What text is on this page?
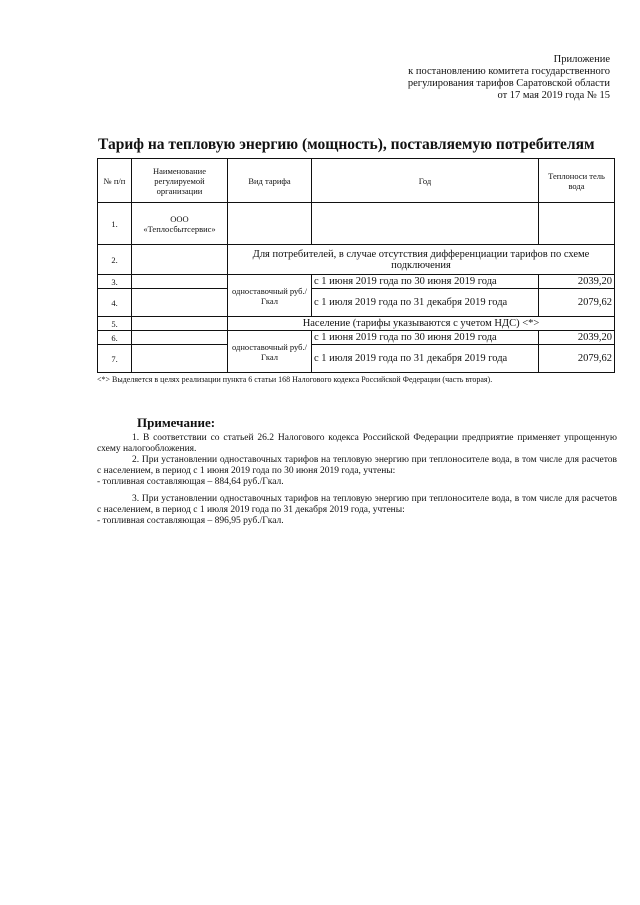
Приложение
к постановлению комитета государственного
регулирования тарифов Саратовской области
от 17 мая 2019 года № 15
Тариф на тепловую энергию (мощность), поставляемую потребителям
№ п/п	Наименование регулируемой организации	Вид тарифа	Год	Теплоноси тель вода
1.	ООО «Теплосбытсервис»			
2.		Для потребителей, в случае отсутствия дифференциации тарифов по схеме подключения		
3.		одноставочный руб./Гкал	с 1 июня 2019 года по 30 июня 2019 года	2039,20
4.			с 1 июля 2019 года по 31 декабря 2019 года	2079,62
5.		Население (тарифы указываются с учетом НДС) <*>		
6.		одноставочный руб./Гкал	с 1 июня 2019 года по 30 июня 2019 года	2039,20
7.			с 1 июля 2019 года по 31 декабря 2019 года	2079,62
<*> Выделяется в целях реализации пункта 6 статьи 168 Налогового кодекса Российской Федерации (часть вторая).
Примечание:

1. В соответствии со статьей 26.2 Налогового кодекса Российской Федерации предприятие применяет упрощенную схему налогообложения.

2. При установлении одноставочных тарифов на тепловую энергию при теплоносителе вода, в том числе для расчетов с населением, в период с 1 июня 2019 года по 30 июня 2019 года, учтены:

- топливная составляющая – 884,64 руб./Гкал.

3. При установлении одноставочных тарифов на тепловую энергию при теплоносителе вода, в том числе для расчетов с населением, в период с 1 июля 2019 года по 31 декабря 2019 года, учтены:

- топливная составляющая – 896,95 руб./Гкал.
